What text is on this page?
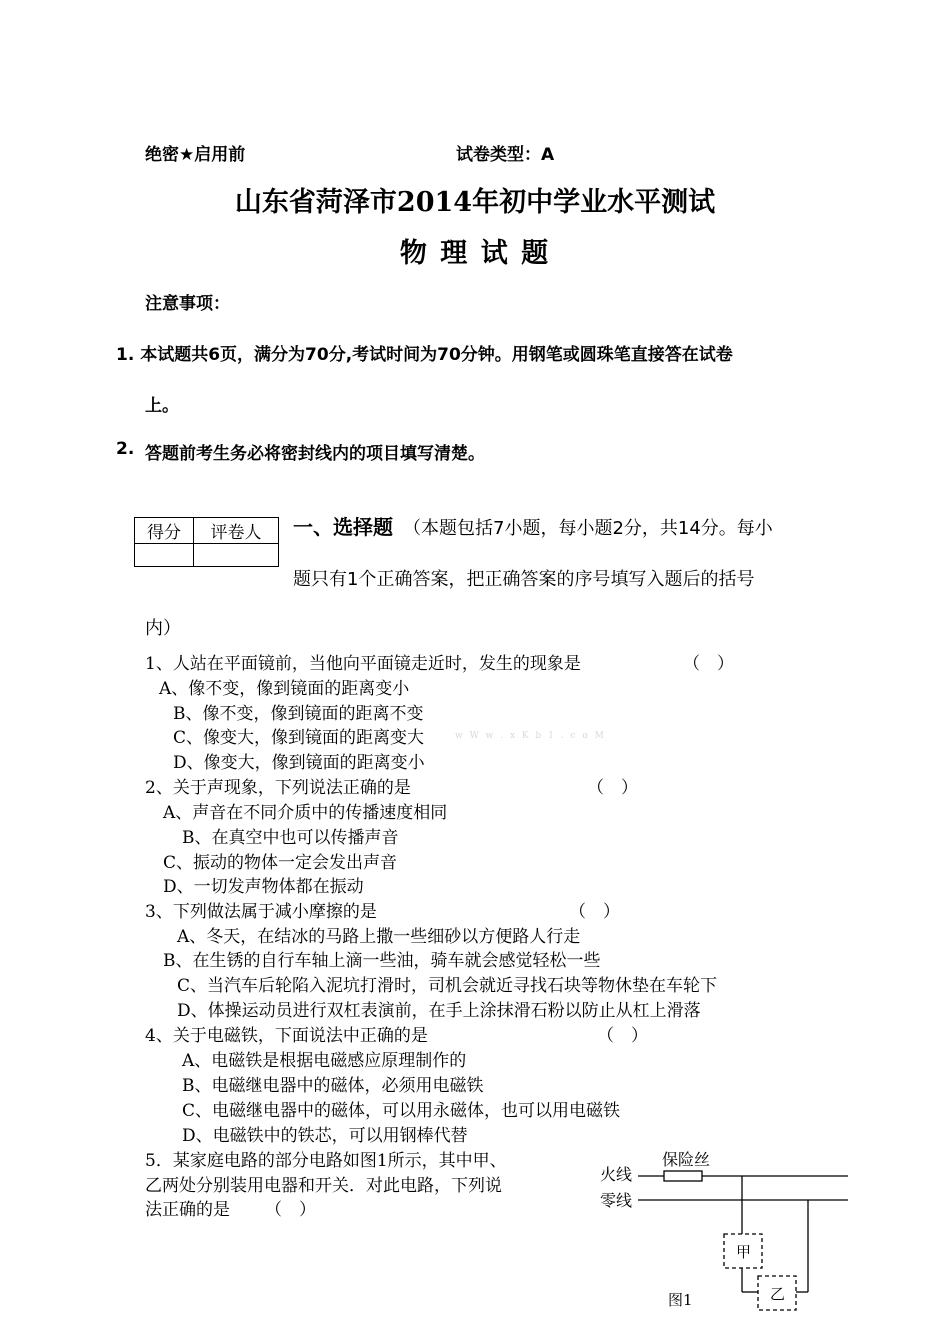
绝密★启用前	试卷类型：A
山东省菏泽市2014年初中学业水平测试
物 理 试 题
注意事项：
1. 本试题共6页，满分为70分,考试时间为70分钟。用钢笔或圆珠笔直接答在试卷
上。
2. 答题前考生务必将密封线内的项目填写清楚。
得分	评卷人
	一、选择题 （本题包括7小题，每小题2分，共14分。每小
题只有1个正确答案，把正确答案的序号填写入题后的括号
内）
w W w . x K b 1 . c o M
1、人站在平面镜前，当他向平面镜走近时，发生的现象是	（　）
A、像不变，像到镜面的距离变小
B、像不变，像到镜面的距离不变
C、像变大，像到镜面的距离变大
D、像变大，像到镜面的距离变小
2、关于声现象，下列说法正确的是	（　）
A、声音在不同介质中的传播速度相同
B、在真空中也可以传播声音
C、振动的物体一定会发出声音
D、一切发声物体都在振动
3、下列做法属于减小摩擦的是	（　）
A、冬天，在结冰的马路上撒一些细砂以方便路人行走
B、在生锈的自行车轴上滴一些油，骑车就会感觉轻松一些
C、当汽车后轮陷入泥坑打滑时，司机会就近寻找石块等物休垫在车轮下
D、体操运动员进行双杠表演前，在手上涂抹滑石粉以防止从杠上滑落
4、关于电磁铁，下面说法中正确的是	（　）
A、电磁铁是根据电磁感应原理制作的
B、电磁继电器中的磁体，必须用电磁铁
C、电磁继电器中的磁体，可以用永磁体，也可以用电磁铁
D、电磁铁中的铁芯，可以用钢棒代替
5．某家庭电路的部分电路如图1所示，其中甲、
乙两处分别装用电器和开关．对此电路，下列说
法正确的是 （　）
保险丝
火线
零线
甲
乙
图1
